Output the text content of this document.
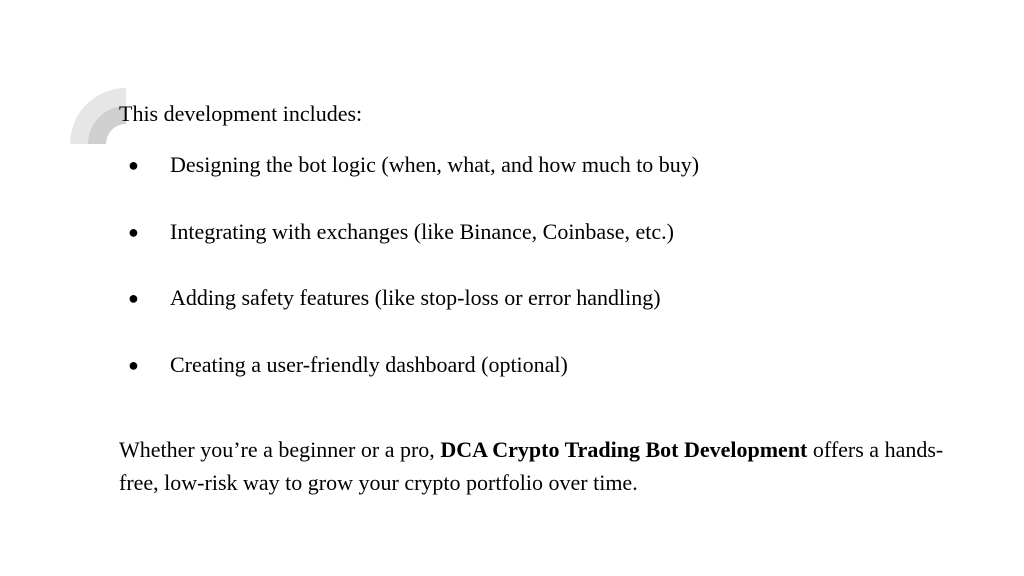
This development includes:

● Designing the bot logic (when, what, and how much to buy)
● Integrating with exchanges (like Binance, Coinbase, etc.)
● Adding safety features (like stop-loss or error handling)
● Creating a user-friendly dashboard (optional)

Whether you’re a beginner or a pro, DCA Crypto Trading Bot Development offers a hands-free, low-risk way to grow your crypto portfolio over time.
